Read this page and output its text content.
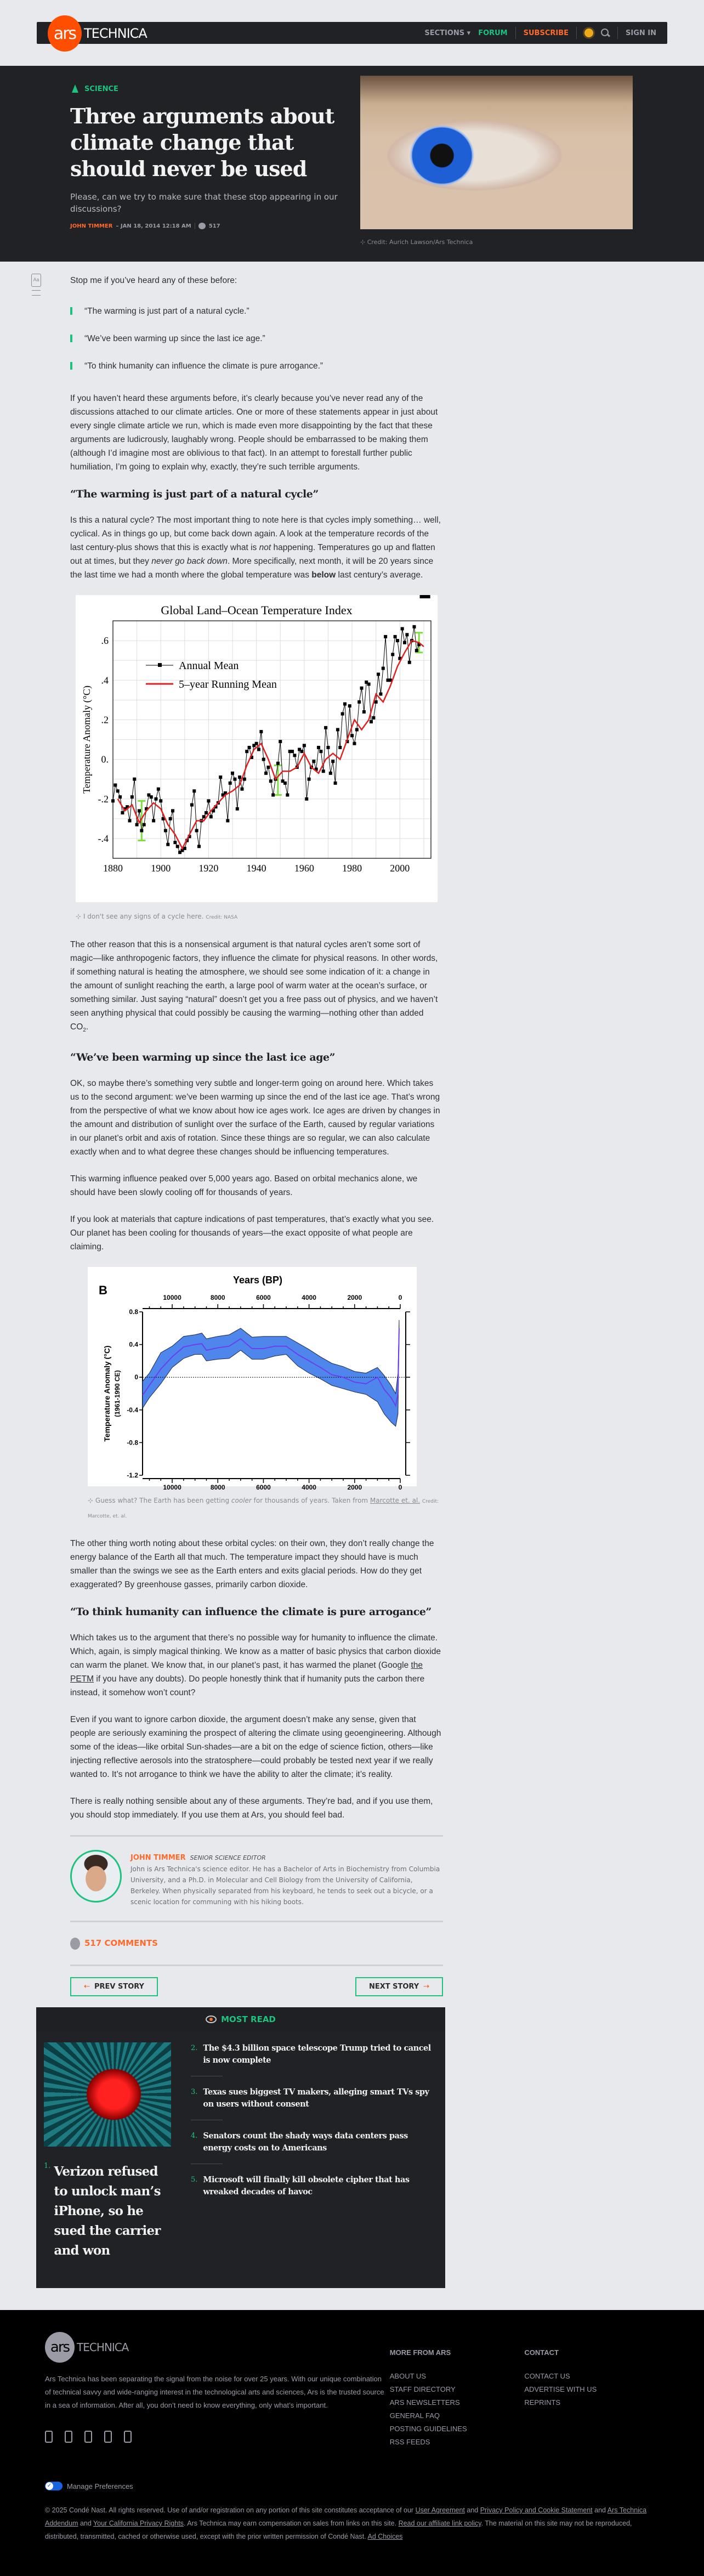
ars TECHNICA	SECTIONS ▾ FORUM SUBSCRIBE	SIGN IN
SCIENCE
Three arguments about climate change that should never be used

Please, can we try to make sure that these stop appearing in our discussions?

JOHN TIMMER – JAN 18, 2014 12:18 AM	517
⊹ Credit: Aurich Lawson/Ars Technica
Aa	Stop me if you’ve heard any of these before:

“The warming is just part of a natural cycle.”
“We’ve been warming up since the last ice age.”
“To think humanity can influence the climate is pure arrogance.”

If you haven’t heard these arguments before, it’s clearly because you’ve never read any of the discussions attached to our climate articles. One or more of these statements appear in just about every single climate article we run, which is made even more disappointing by the fact that these arguments are ludicrously, laughably wrong. People should be embarrassed to be making them (although I’d imagine most are oblivious to that fact). In an attempt to forestall further public humiliation, I’m going to explain why, exactly, they’re such terrible arguments.

“The warming is just part of a natural cycle”

Is this a natural cycle? The most important thing to note here is that cycles imply something… well, cyclical. As in things go up, but come back down again. A look at the temperature records of the last century-plus shows that this is exactly what is not happening. Temperatures go up and flatten out at times, but they never go back down. More specifically, next month, it will be 20 years since the last time we had a month where the global temperature was below last century’s average.

Global Land–Ocean Temperature Index
1880	1900	1920	1940	1960	1980	2000
-.4
-.2
0.
.2
.4
.6
Temperature Anomaly (°C)
Annual Mean
5–year Running Mean
⊹ I don't see any signs of a cycle here. Credit: NASA

The other reason that this is a nonsensical argument is that natural cycles aren’t some sort of magic—like anthropogenic factors, they influence the climate for physical reasons. In other words, if something natural is heating the atmosphere, we should see some indication of it: a change in the amount of sunlight reaching the earth, a large pool of warm water at the ocean’s surface, or something similar. Just saying “natural” doesn’t get you a free pass out of physics, and we haven’t seen anything physical that could possibly be causing the warming—nothing other than added $CO_2$.

“We’ve been warming up since the last ice age”

OK, so maybe there’s something very subtle and longer-term going on around here. Which takes us to the second argument: we’ve been warming up since the end of the last ice age. That’s wrong from the perspective of what we know about how ice ages work. Ice ages are driven by changes in the amount and distribution of sunlight over the surface of the Earth, caused by regular variations in our planet’s orbit and axis of rotation. Since these things are so regular, we can also calculate exactly when and to what degree these changes should be influencing temperatures.

This warming influence peaked over 5,000 years ago. Based on orbital mechanics alone, we should have been slowly cooling off for thousands of years.

If you look at materials that capture indications of past temperatures, that’s exactly what you see. Our planet has been cooling for thousands of years—the exact opposite of what people are claiming.

B
Years (BP)
10000
10000
8000
8000
6000
6000
4000
4000
2000
2000
0
0
0.8
0.4
0
-0.4
-0.8
-1.2
Temperature Anomaly (°C) (1961-1990 CE)
⊹ Guess what? The Earth has been getting cooler for thousands of years. Taken from Marcotte et. al. Credit: Marcotte, et. al.

The other thing worth noting about these orbital cycles: on their own, they don’t really change the energy balance of the Earth all that much. The temperature impact they should have is much smaller than the swings we see as the Earth enters and exits glacial periods. How do they get exaggerated? By greenhouse gasses, primarily carbon dioxide.

“To think humanity can influence the climate is pure arrogance”

Which takes us to the argument that there’s no possible way for humanity to influence the climate. Which, again, is simply magical thinking. We know as a matter of basic physics that carbon dioxide can warm the planet. We know that, in our planet’s past, it has warmed the planet (Google the PETM if you have any doubts). Do people honestly think that if humanity puts the carbon there instead, it somehow won’t count?

Even if you want to ignore carbon dioxide, the argument doesn’t make any sense, given that people are seriously examining the prospect of altering the climate using geoengineering. Although some of the ideas—like orbital Sun-shades—are a bit on the edge of science fiction, others—like injecting reflective aerosols into the stratosphere—could probably be tested next year if we really wanted to. It’s not arrogance to think we have the ability to alter the climate; it’s reality.

There is really nothing sensible about any of these arguments. They’re bad, and if you use them, you should stop immediately. If you use them at Ars, you should feel bad.

JOHN TIMMER SENIOR SCIENCE EDITOR
John is Ars Technica's science editor. He has a Bachelor of Arts in Biochemistry from Columbia University, and a Ph.D. in Molecular and Cell Biology from the University of California, Berkeley. When physically separated from his keyboard, he tends to seek out a bicycle, or a scenic location for communing with his hiking boots.
517 COMMENTS
⇠ PREV STORY	NEXT STORY ⇢
MOST READ
1. Verizon refused to unlock man’s iPhone, so he sued the carrier and won
2. The $4.3 billion space telescope Trump tried to cancel is now complete
3. Texas sues biggest TV makers, alleging smart TVs spy on users without consent
4. Senators count the shady ways data centers pass energy costs on to Americans
5. Microsoft will finally kill obsolete cipher that has wreaked decades of havoc
ars TECHNICA

Ars Technica has been separating the signal from the noise for over 25 years. With our unique combination of technical savvy and wide-ranging interest in the technological arts and sciences, Ars is the trusted source in a sea of information. After all, you don’t need to know everything, only what’s important.

MORE FROM ARS
ABOUT US
STAFF DIRECTORY
ARS NEWSLETTERS
GENERAL FAQ
POSTING GUIDELINES
RSS FEEDS
CONTACT
CONTACT US
ADVERTISE WITH US
REPRINTS
✓
Manage Preferences

© 2025 Condé Nast. All rights reserved. Use of and/or registration on any portion of this site constitutes acceptance of our User Agreement and Privacy Policy and Cookie Statement and Ars Technica Addendum and Your California Privacy Rights. Ars Technica may earn compensation on sales from links on this site. Read our affiliate link policy. The material on this site may not be reproduced, distributed, transmitted, cached or otherwise used, except with the prior written permission of Condé Nast. Ad Choices
